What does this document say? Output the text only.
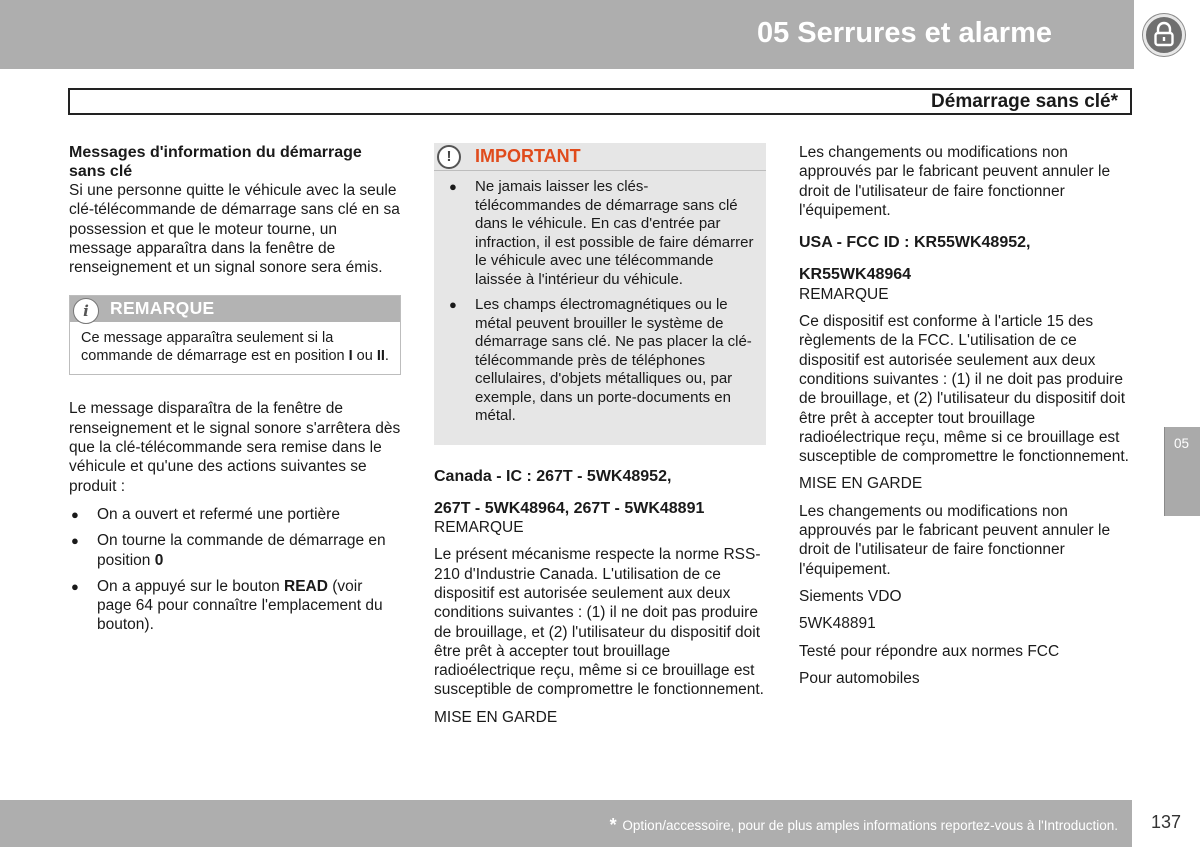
05 Serrures et alarme
Démarrage sans clé*
Messages d'information du démarrage sans clé

Si une personne quitte le véhicule avec la seule clé-télécommande de démarrage sans clé en sa possession et que le moteur tourne, un message apparaîtra dans la fenêtre de renseignement et un signal sonore sera émis.

i	REMARQUE
Ce message apparaîtra seulement si la commande de démarrage est en position I ou II.

Le message disparaîtra de la fenêtre de renseignement et le signal sonore s'arrêtera dès que la clé-télécommande sera remise dans le véhicule et qu'une des actions suivantes se produit :

● On a ouvert et refermé une portière
● On tourne la commande de démarrage en position 0
● On a appuyé sur le bouton READ (voir page 64 pour connaître l'emplacement du bouton).
!	IMPORTANT
● Ne jamais laisser les clés-télécommandes de démarrage sans clé dans le véhicule. En cas d'entrée par infraction, il est possible de faire démarrer le véhicule avec une télécommande laissée à l'intérieur du véhicule.
● Les champs électromagnétiques ou le métal peuvent brouiller le système de démarrage sans clé. Ne pas placer la clé-télécommande près de téléphones cellulaires, d'objets métalliques ou, par exemple, dans un porte-documents en métal.
Canada - IC : 267T - 5WK48952,
267T - 5WK48964, 267T - 5WK48891

REMARQUE

Le présent mécanisme respecte la norme RSS-210 d'Industrie Canada. L'utilisation de ce dispositif est autorisée seulement aux deux conditions suivantes : (1) il ne doit pas produire de brouillage, et (2) l'utilisateur du dispositif doit être prêt à accepter tout brouillage radioélectrique reçu, même si ce brouillage est susceptible de compromettre le fonctionnement.

MISE EN GARDE

Les changements ou modifications non approuvés par le fabricant peuvent annuler le droit de l'utilisateur de faire fonctionner l'équipement.

USA - FCC ID : KR55WK48952,
KR55WK48964

REMARQUE

Ce dispositif est conforme à l'article 15 des règlements de la FCC. L'utilisation de ce dispositif est autorisée seulement aux deux conditions suivantes : (1) il ne doit pas produire de brouillage, et (2) l'utilisateur du dispositif doit être prêt à accepter tout brouillage radioélectrique reçu, même si ce brouillage est susceptible de compromettre le fonctionnement.

MISE EN GARDE

Les changements ou modifications non approuvés par le fabricant peuvent annuler le droit de l'utilisateur de faire fonctionner l'équipement.

Siements VDO

5WK48891

Testé pour répondre aux normes FCC

Pour automobiles

05
* Option/accessoire, pour de plus amples informations reportez-vous à l'Introduction.	137
